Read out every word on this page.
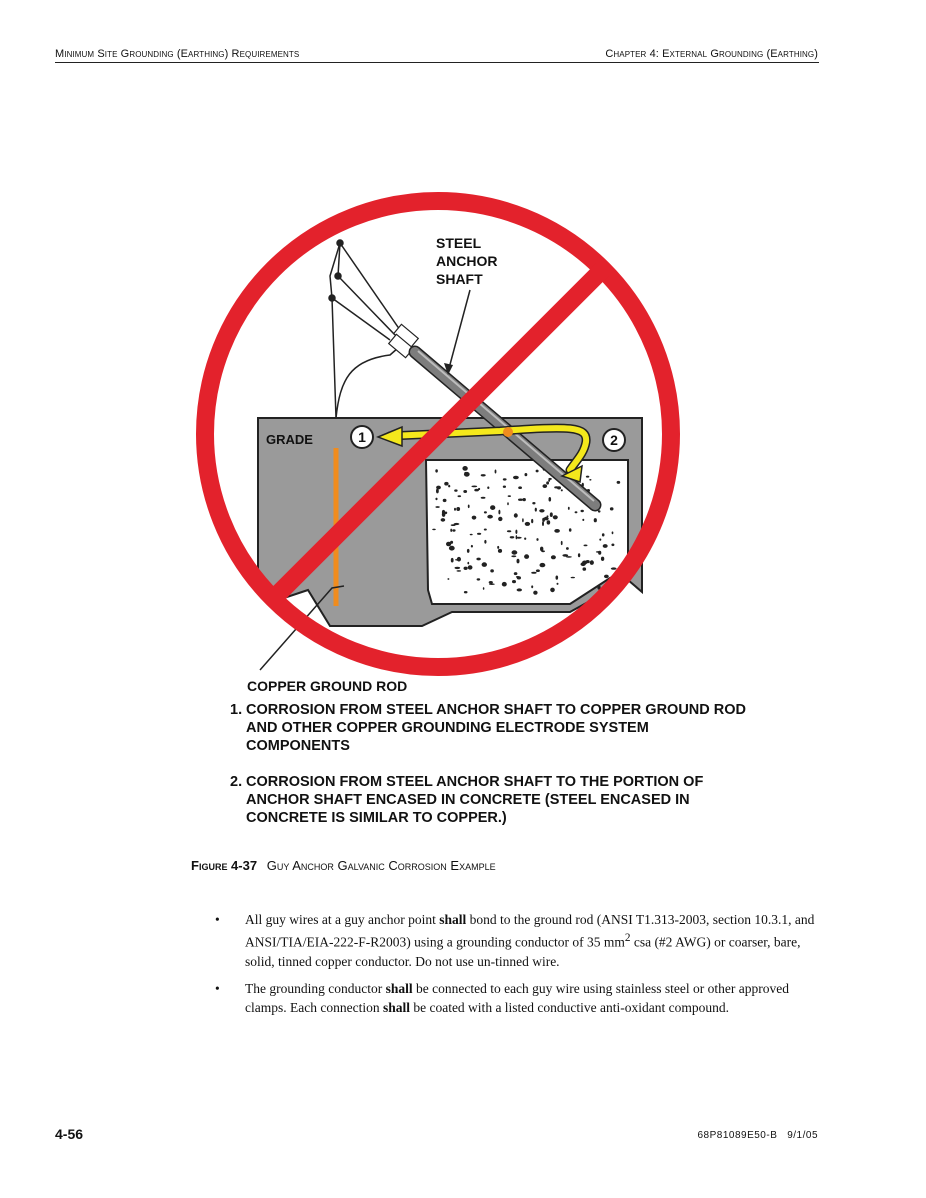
Minimum Site Grounding (Earthing) Requirements	Chapter 4: External Grounding (Earthing)
1	2
GRADE
STEEL
ANCHOR
SHAFT
COPPER GROUND ROD
1. CORROSION FROM STEEL ANCHOR SHAFT TO COPPER GROUND ROD AND OTHER COPPER GROUNDING ELECTRODE SYSTEM COMPONENTS
2. CORROSION FROM STEEL ANCHOR SHAFT TO THE PORTION OF ANCHOR SHAFT ENCASED IN CONCRETE (STEEL ENCASED IN CONCRETE IS SIMILAR TO COPPER.)
Figure 4-37 Guy Anchor Galvanic Corrosion Example
• All guy wires at a guy anchor point shall bond to the ground rod (ANSI T1.313-2003, section 10.3.1, and ANSI/TIA/EIA-222-F-R2003) using a grounding conductor of 35 $mm^2$ csa (#2 AWG) or coarser, bare, solid, tinned copper conductor. Do not use un-tinned wire.
• The grounding conductor shall be connected to each guy wire using stainless steel or other approved clamps. Each connection shall be coated with a listed conductive anti-oxidant compound.
4-56	68P81089E50-B   9/1/05
